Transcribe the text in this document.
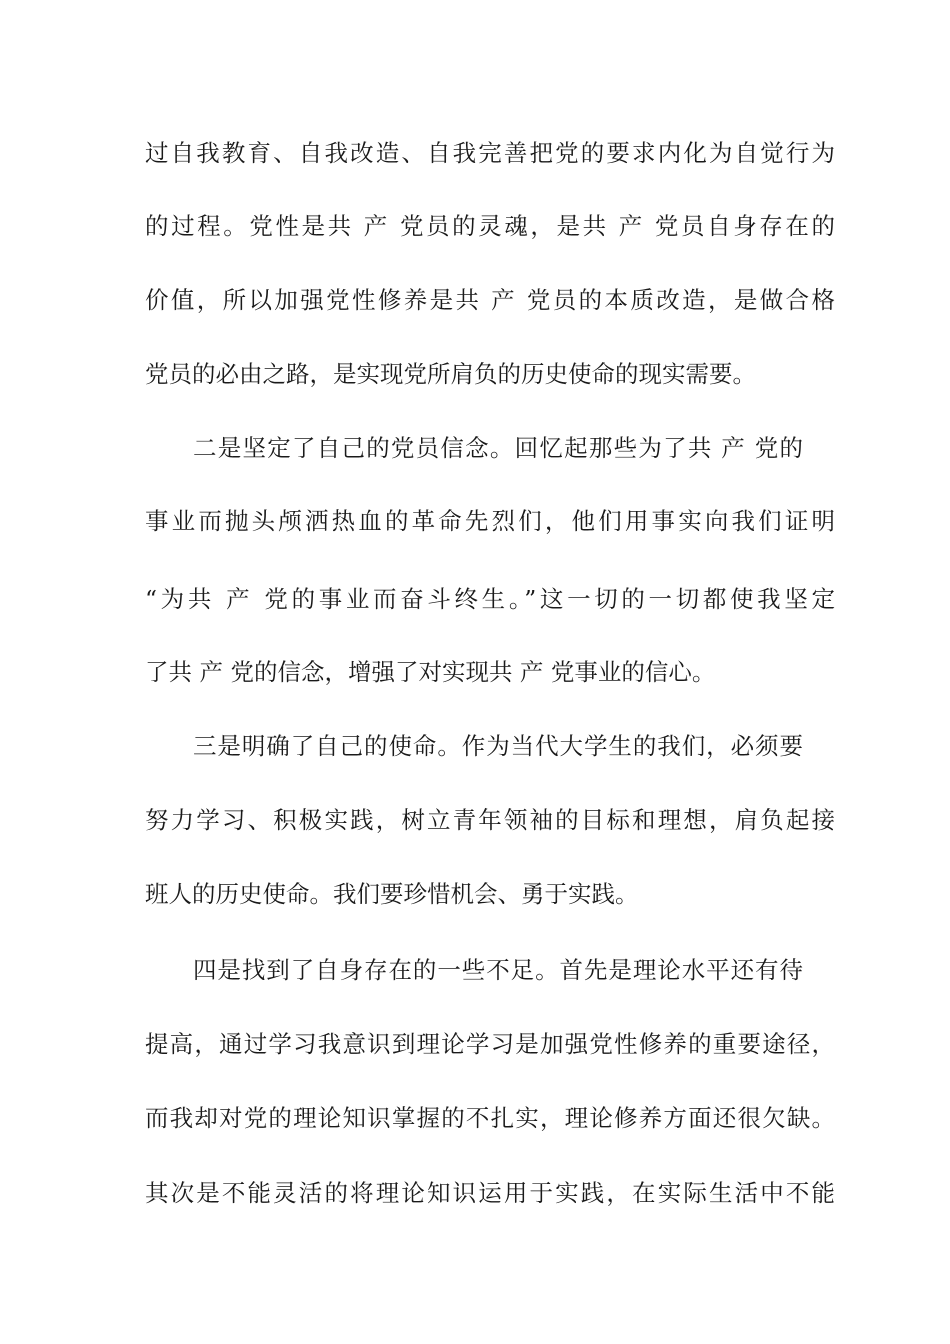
过自我教育、自我改造、自我完善把党的要求内化为自觉行为
的过程。党性是共 产 党员的灵魂，是共 产 党员自身存在的
价值，所以加强党性修养是共 产 党员的本质改造，是做合格
党员的必由之路，是实现党所肩负的历史使命的现实需要。
二是坚定了自己的党员信念。回忆起那些为了共 产 党的
事业而抛头颅洒热血的革命先烈们，他们用事实向我们证明
“为共 产 党的事业而奋斗终生。”这一切的一切都使我坚定
了共 产 党的信念，增强了对实现共 产 党事业的信心。
三是明确了自己的使命。作为当代大学生的我们，必须要
努力学习、积极实践，树立青年领袖的目标和理想，肩负起接
班人的历史使命。我们要珍惜机会、勇于实践。
四是找到了自身存在的一些不足。首先是理论水平还有待
提高，通过学习我意识到理论学习是加强党性修养的重要途径，
而我却对党的理论知识掌握的不扎实，理论修养方面还很欠缺。
其次是不能灵活的将理论知识运用于实践，在实际生活中不能
